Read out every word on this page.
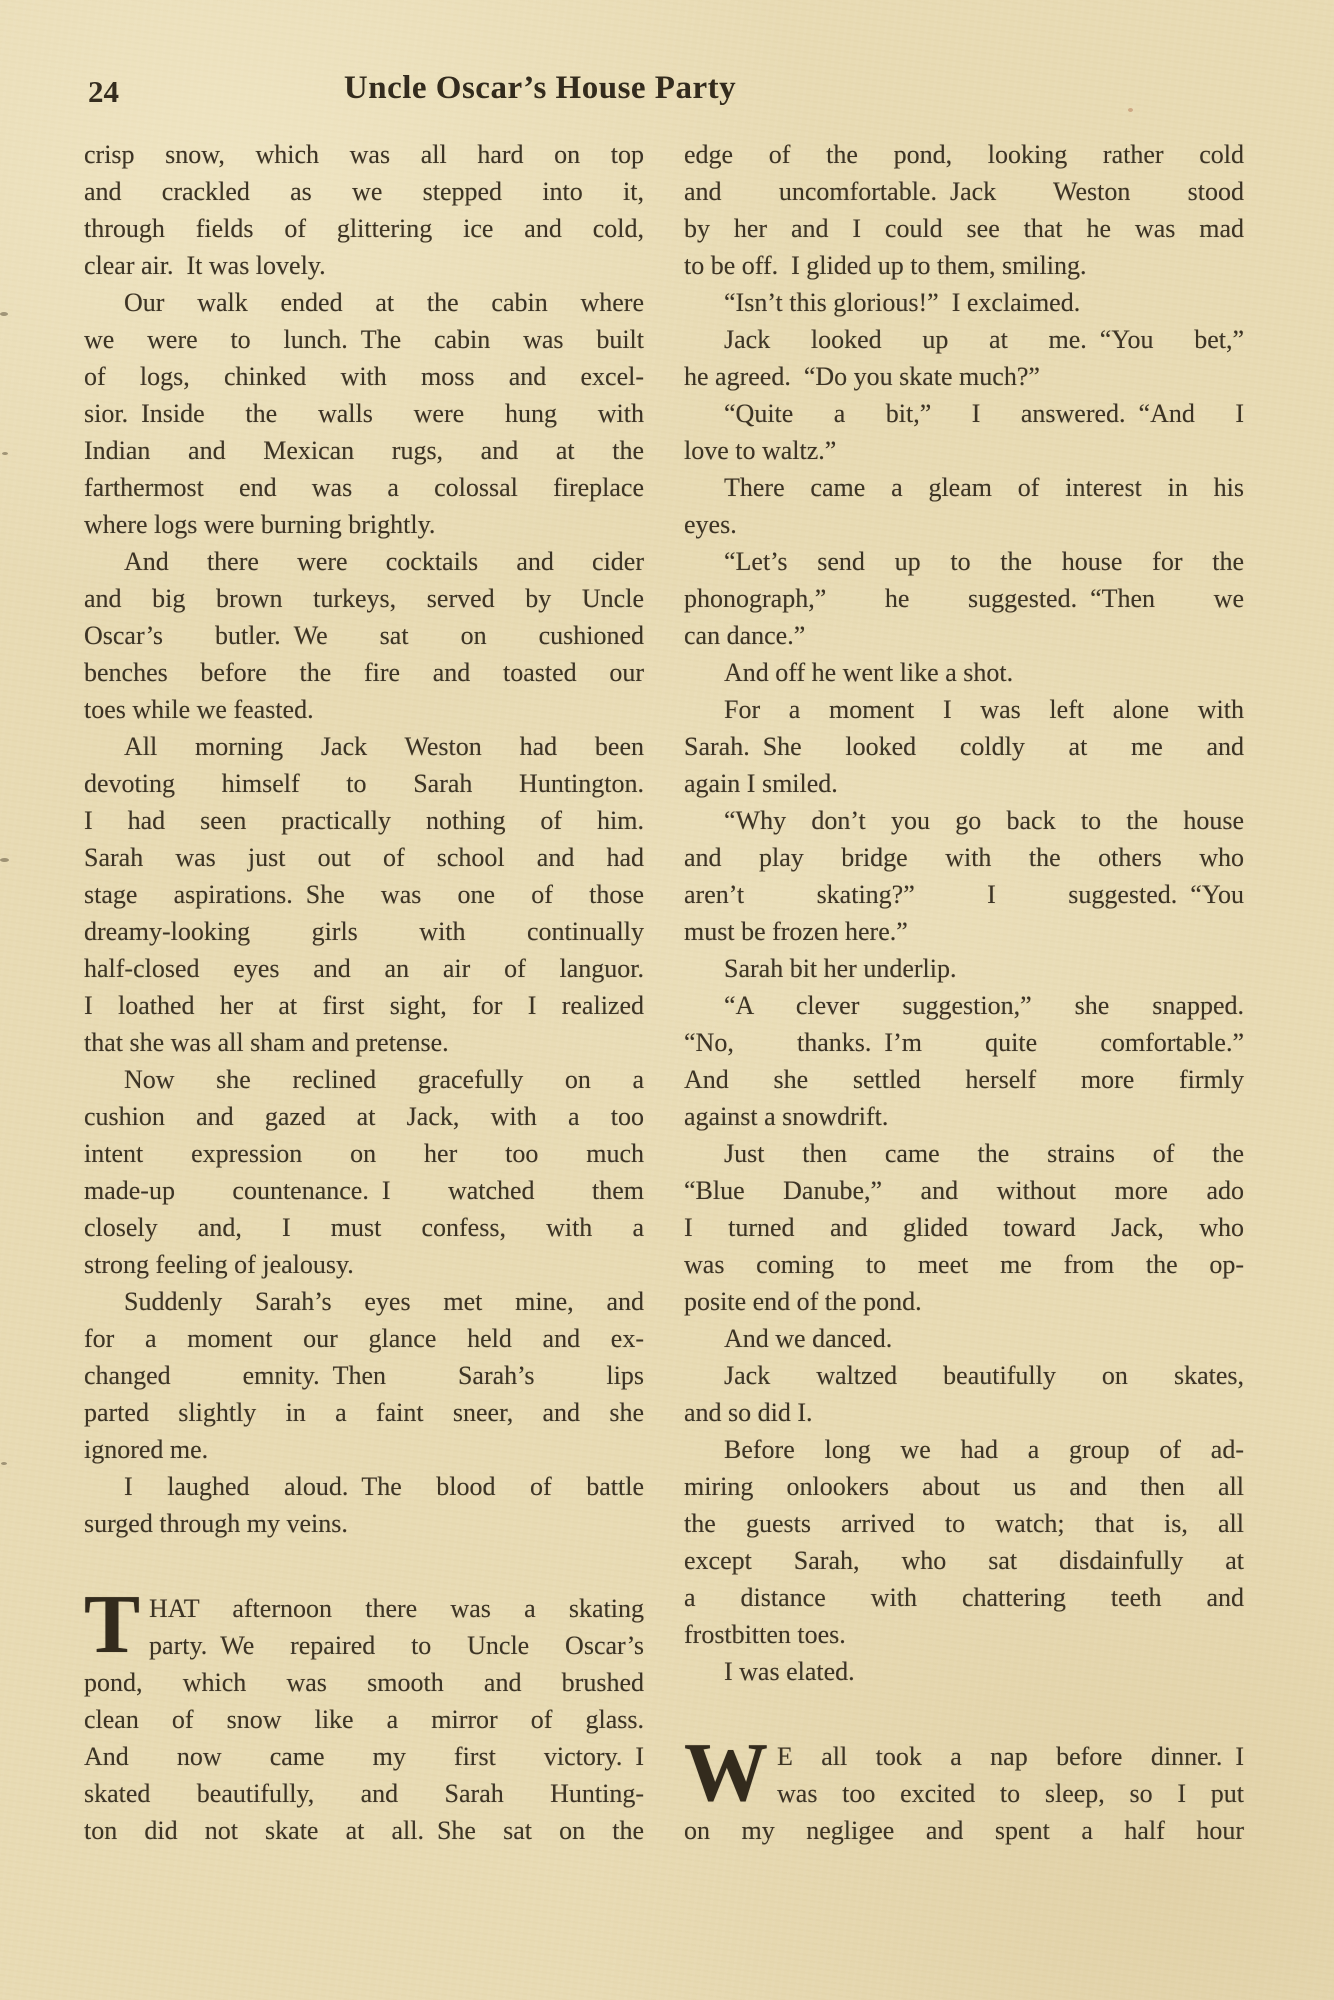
24	Uncle Oscar’s House Party
crisp snow, which was all hard on top
and crackled as we stepped into it,
through fields of glittering ice and cold,
clear air. It was lovely.
Our walk ended at the cabin where
we were to lunch. The cabin was built
of logs, chinked with moss and excel-
sior. Inside the walls were hung with
Indian and Mexican rugs, and at the
farthermost end was a colossal fireplace
where logs were burning brightly.
And there were cocktails and cider
and big brown turkeys, served by Uncle
Oscar’s butler. We sat on cushioned
benches before the fire and toasted our
toes while we feasted.
All morning Jack Weston had been
devoting himself to Sarah Huntington.
I had seen practically nothing of him.
Sarah was just out of school and had
stage aspirations. She was one of those
dreamy-looking girls with continually
half-closed eyes and an air of languor.
I loathed her at first sight, for I realized
that she was all sham and pretense.
Now she reclined gracefully on a
cushion and gazed at Jack, with a too
intent expression on her too much
made-up countenance. I watched them
closely and, I must confess, with a
strong feeling of jealousy.
Suddenly Sarah’s eyes met mine, and
for a moment our glance held and ex-
changed emnity. Then Sarah’s lips
parted slightly in a faint sneer, and she
ignored me.
I laughed aloud. The blood of battle
surged through my veins.
T HAT afternoon there was a skating
party. We repaired to Uncle Oscar’s
pond, which was smooth and brushed
clean of snow like a mirror of glass.
And now came my first victory. I
skated beautifully, and Sarah Hunting-
ton did not skate at all. She sat on the
edge of the pond, looking rather cold
and uncomfortable. Jack Weston stood
by her and I could see that he was mad
to be off. I glided up to them, smiling.
“Isn’t this glorious!” I exclaimed.
Jack looked up at me. “You bet,”
he agreed. “Do you skate much?”
“Quite a bit,” I answered. “And I
love to waltz.”
There came a gleam of interest in his
eyes.
“Let’s send up to the house for the
phonograph,” he suggested. “Then we
can dance.”
And off he went like a shot.
For a moment I was left alone with
Sarah. She looked coldly at me and
again I smiled.
“Why don’t you go back to the house
and play bridge with the others who
aren’t skating?” I suggested. “You
must be frozen here.”
Sarah bit her underlip.
“A clever suggestion,” she snapped.
“No, thanks. I’m quite comfortable.”
And she settled herself more firmly
against a snowdrift.
Just then came the strains of the
“Blue Danube,” and without more ado
I turned and glided toward Jack, who
was coming to meet me from the op-
posite end of the pond.
And we danced.
Jack waltzed beautifully on skates,
and so did I.
Before long we had a group of ad-
miring onlookers about us and then all
the guests arrived to watch; that is, all
except Sarah, who sat disdainfully at
a distance with chattering teeth and
frostbitten toes.
I was elated.
W E all took a nap before dinner. I
was too excited to sleep, so I put
on my negligee and spent a half hour
